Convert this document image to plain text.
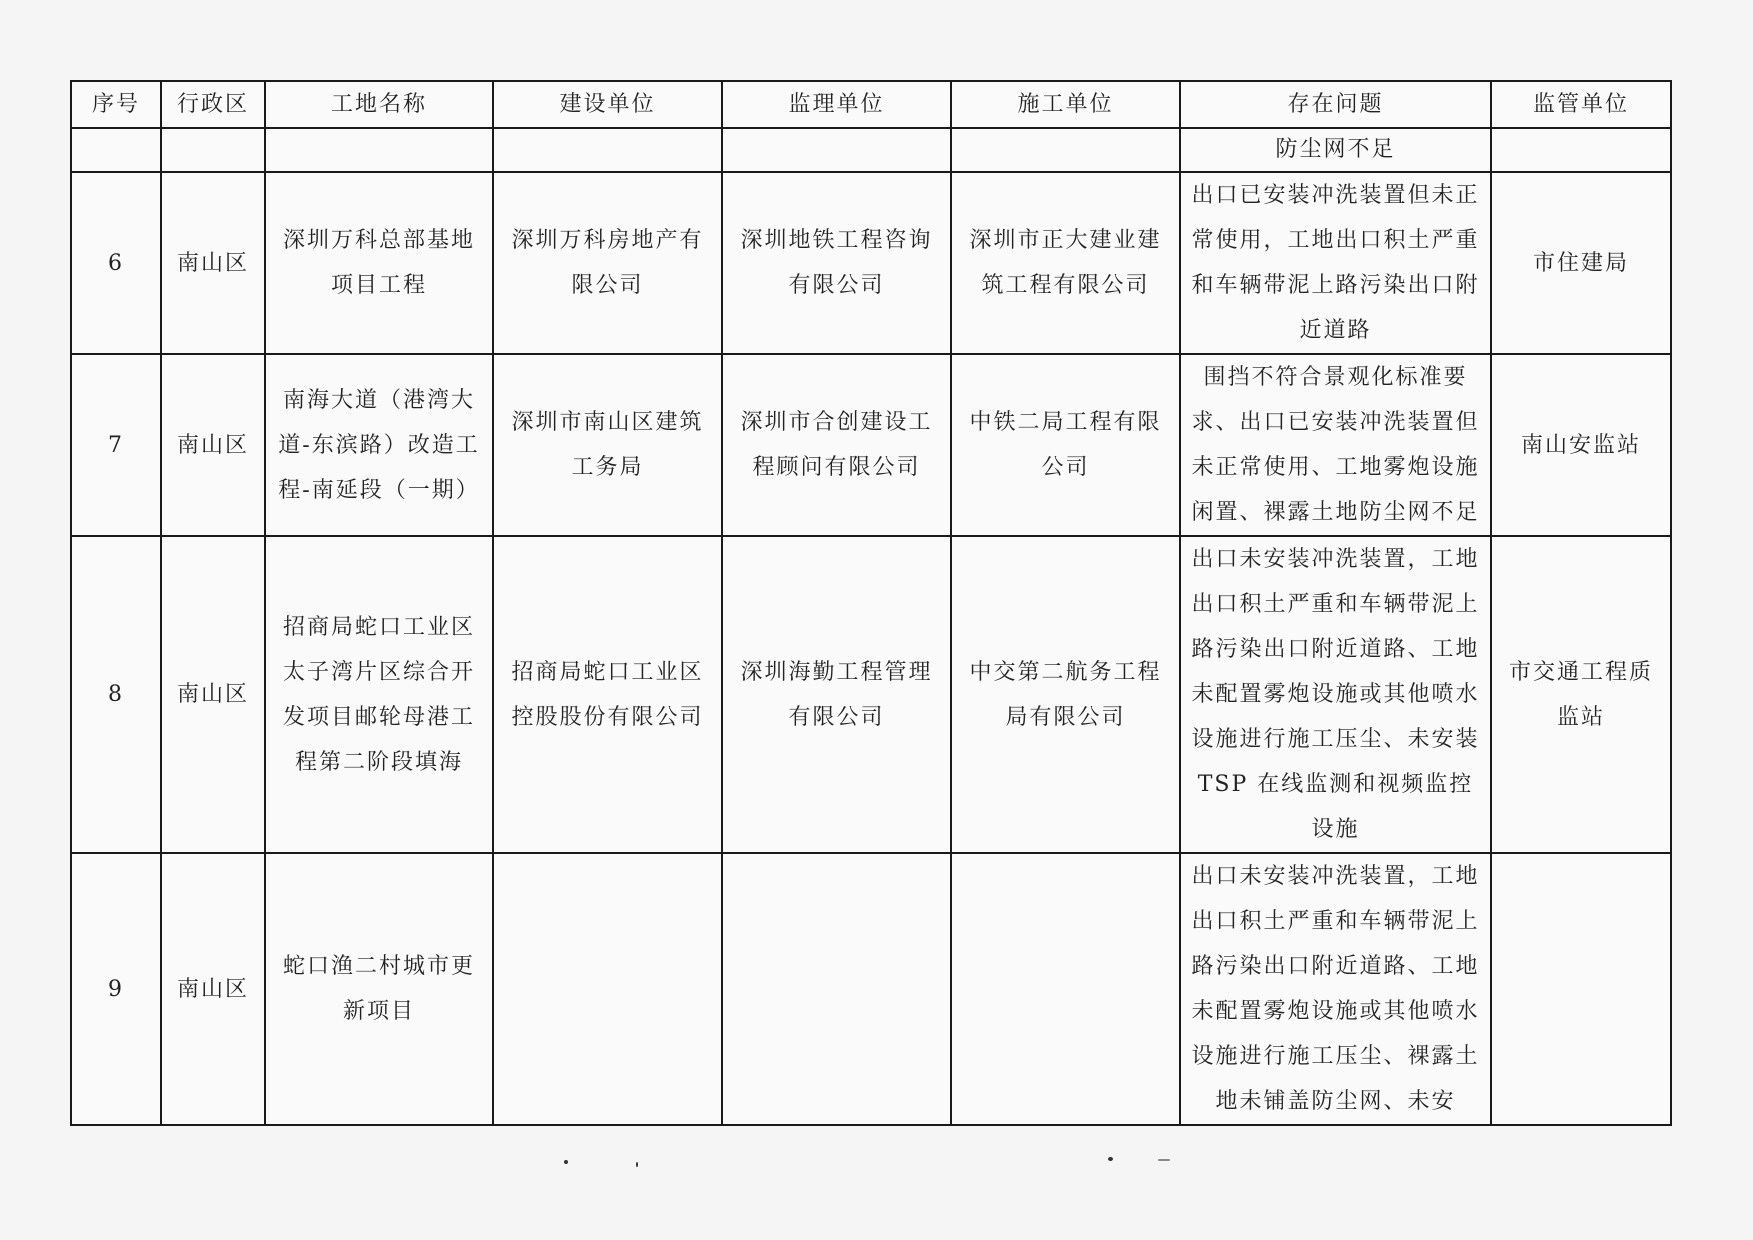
序号	行政区	工地名称	建设单位	监理单位	施工单位	存在问题	监管单位
						防尘网不足	
6	南山区	深圳万科总部基地项目工程	深圳万科房地产有限公司	深圳地铁工程咨询有限公司	深圳市正大建业建筑工程有限公司	出口已安装冲洗装置但未正常使用，工地出口积土严重和车辆带泥上路污染出口附近道路	市住建局
7	南山区	南海大道（港湾大道-东滨路）改造工程-南延段（一期）	深圳市南山区建筑工务局	深圳市合创建设工程顾问有限公司	中铁二局工程有限公司	围挡不符合景观化标准要求、出口已安装冲洗装置但未正常使用、工地雾炮设施闲置、裸露土地防尘网不足	南山安监站
8	南山区	招商局蛇口工业区太子湾片区综合开发项目邮轮母港工程第二阶段填海	招商局蛇口工业区控股股份有限公司	深圳海勤工程管理有限公司	中交第二航务工程局有限公司	出口未安装冲洗装置，工地出口积土严重和车辆带泥上路污染出口附近道路、工地未配置雾炮设施或其他喷水设施进行施工压尘、未安装 TSP 在线监测和视频监控设施	市交通工程质监站
9	南山区	蛇口渔二村城市更新项目				出口未安装冲洗装置，工地出口积土严重和车辆带泥上路污染出口附近道路、工地未配置雾炮设施或其他喷水设施进行施工压尘、裸露土地未铺盖防尘网、未安	
